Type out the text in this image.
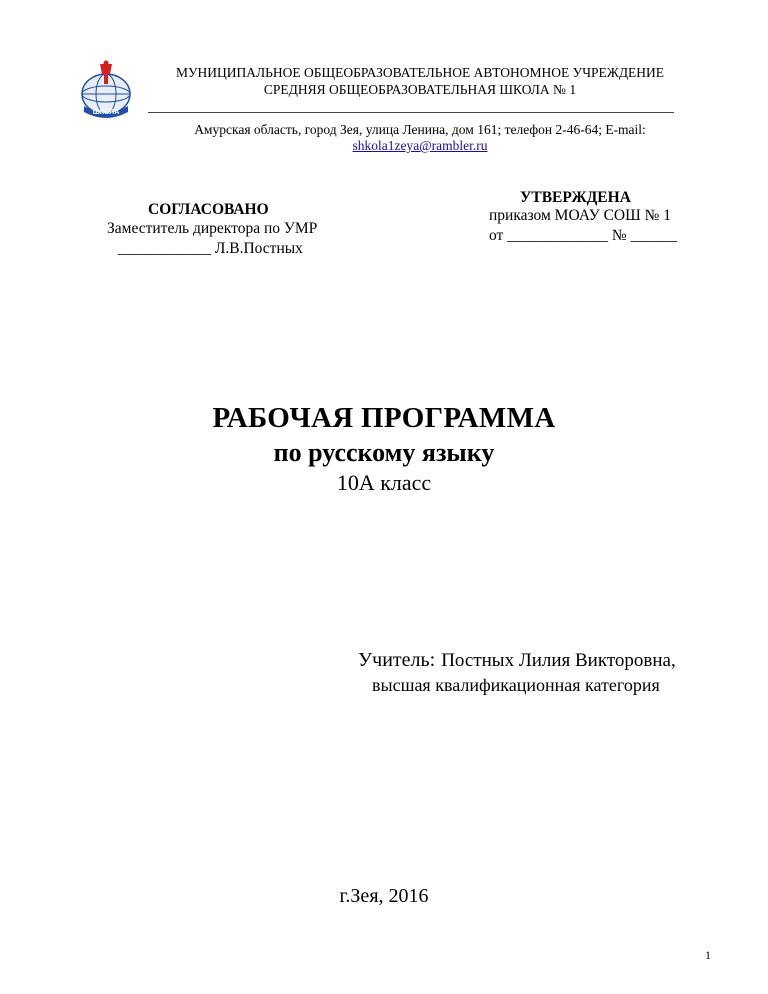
ШКОЛА
МУНИЦИПАЛЬНОЕ ОБЩЕОБРАЗОВАТЕЛЬНОЕ АВТОНОМНОЕ УЧРЕЖДЕНИЕ
СРЕДНЯЯ ОБЩЕОБРАЗОВАТЕЛЬНАЯ ШКОЛА № 1
Амурская область, город Зея, улица Ленина, дом 161; телефон 2-46-64; E-mail:
shkola1zeya@rambler.ru
СОГЛАСОВАНО
Заместитель директора по УМР
____________ Л.В.Постных
УТВЕРЖДЕНА
приказом МОАУ СОШ № 1
от _____________ № ______
РАБОЧАЯ ПРОГРАММА
по русскому языку
10А класс
Учитель: Постных Лилия Викторовна,
высшая квалификационная категория
г.Зея, 2016
1
